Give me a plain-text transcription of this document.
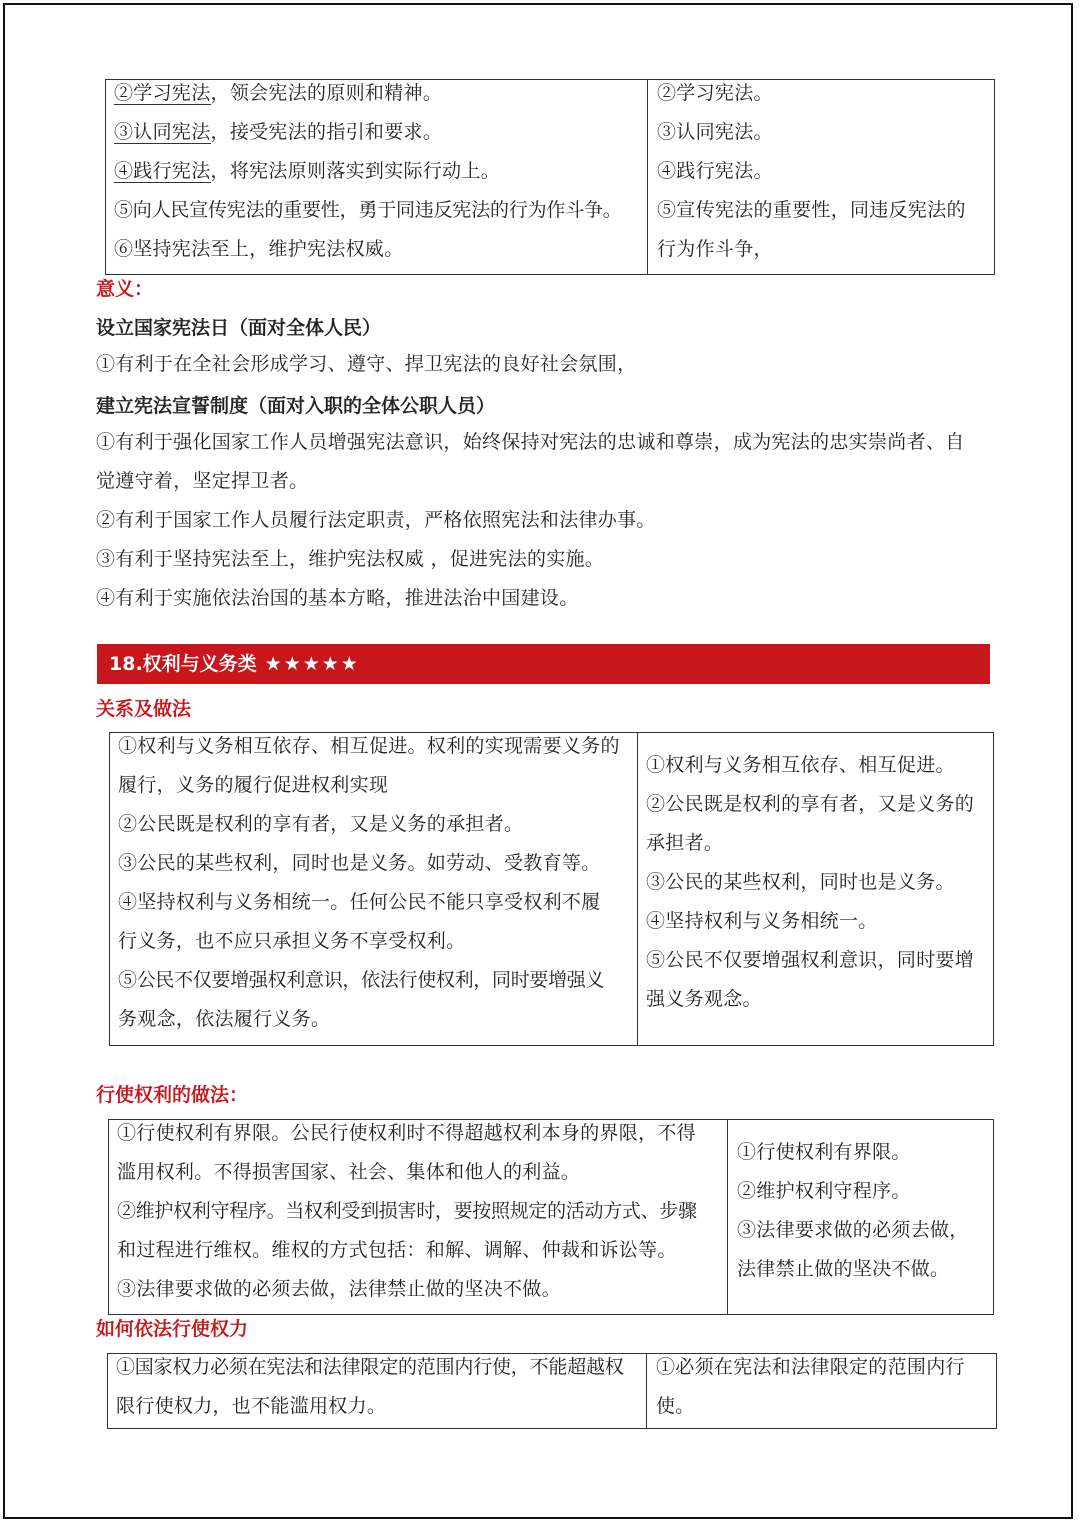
②学习宪法，领会宪法的原则和精神。
③认同宪法，接受宪法的指引和要求。
④践行宪法，将宪法原则落实到实际行动上。
⑤向人民宣传宪法的重要性，勇于同违反宪法的行为作斗争。
⑥坚持宪法至上，维护宪法权威。
②学习宪法。
③认同宪法。
④践行宪法。
⑤宣传宪法的重要性，同违反宪法的
行为作斗争，
意义：
设立国家宪法日（面对全体人民）
①有利于在全社会形成学习、遵守、捍卫宪法的良好社会氛围，
建立宪法宣誓制度（面对入职的全体公职人员）
①有利于强化国家工作人员增强宪法意识，始终保持对宪法的忠诚和尊崇，成为宪法的忠实崇尚者、自
觉遵守着，坚定捍卫者。
②有利于国家工作人员履行法定职责，严格依照宪法和法律办事。
③有利于坚持宪法至上，维护宪法权威 ，促进宪法的实施。
④有利于实施依法治国的基本方略，推进法治中国建设。
18.权利与义务类 ★★★★★
关系及做法
①权利与义务相互依存、相互促进。权利的实现需要义务的
履行，义务的履行促进权利实现
②公民既是权利的享有者，又是义务的承担者。
③公民的某些权利，同时也是义务。如劳动、受教育等。
④坚持权利与义务相统一。任何公民不能只享受权利不履
行义务，也不应只承担义务不享受权利。
⑤公民不仅要增强权利意识，依法行使权利，同时要增强义
务观念，依法履行义务。
①权利与义务相互依存、相互促进。
②公民既是权利的享有者，又是义务的
承担者。
③公民的某些权利，同时也是义务。
④坚持权利与义务相统一。
⑤公民不仅要增强权利意识，同时要增
强义务观念。
行使权利的做法：
①行使权利有界限。公民行使权利时不得超越权利本身的界限，不得
滥用权利。不得损害国家、社会、集体和他人的利益。
②维护权利守程序。当权利受到损害时，要按照规定的活动方式、步骤
和过程进行维权。维权的方式包括：和解、调解、仲裁和诉讼等。
③法律要求做的必须去做，法律禁止做的坚决不做。
①行使权利有界限。
②维护权利守程序。
③法律要求做的必须去做，
法律禁止做的坚决不做。
如何依法行使权力
①国家权力必须在宪法和法律限定的范围内行使，不能超越权
限行使权力，也不能滥用权力。
①必须在宪法和法律限定的范围内行
使。
